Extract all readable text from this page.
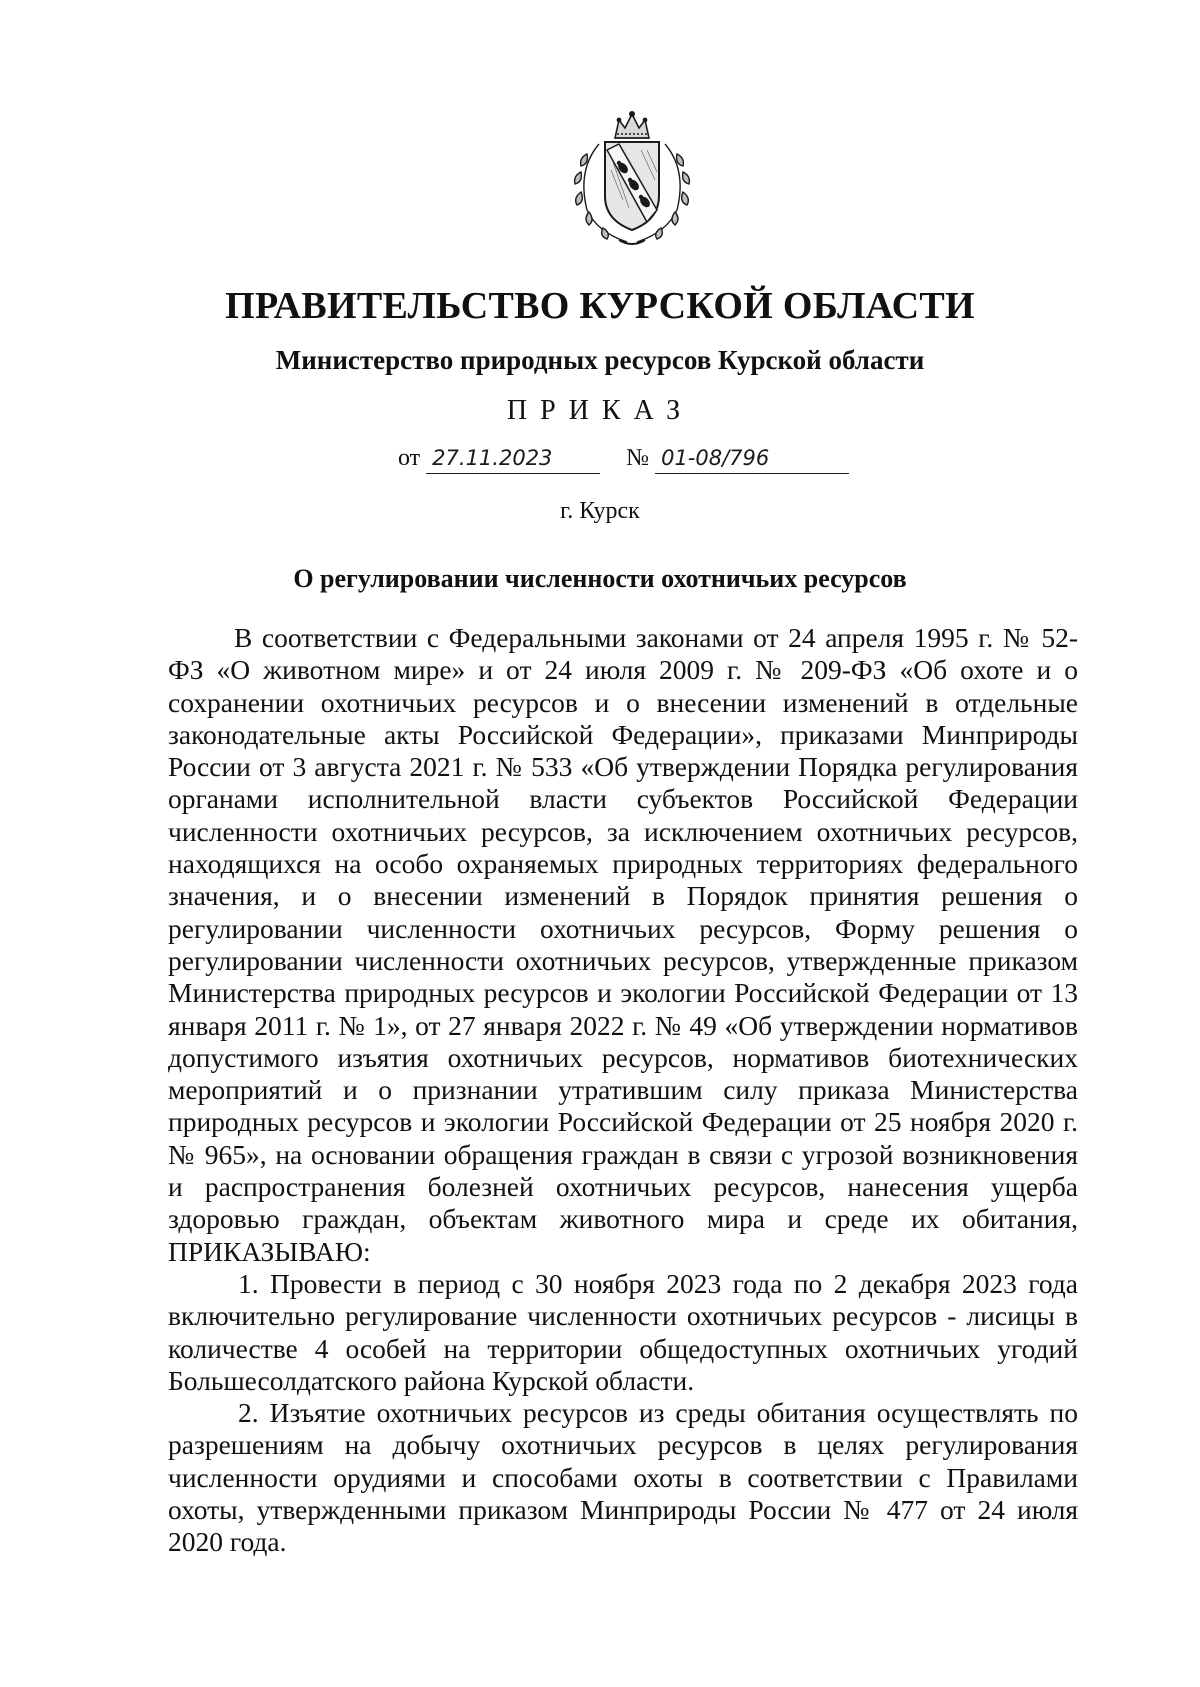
ПРАВИТЕЛЬСТВО КУРСКОЙ ОБЛАСТИ
Министерство природных ресурсов Курской области
ПРИКАЗ
от 27.11.2023	№ 01-08/796
г. Курск
О регулировании численности охотничьих ресурсов

В соответствии с Федеральными законами от 24 апреля 1995 г. № 52-ФЗ «О животном мире» и от 24 июля 2009 г. № 209-ФЗ «Об охоте и о сохранении охотничьих ресурсов и о внесении изменений в отдельные законодательные акты Российской Федерации», приказами Минприроды России от 3 августа 2021 г. № 533 «Об утверждении Порядка регулирования органами исполнительной власти субъектов Российской Федерации численности охотничьих ресурсов, за исключением охотничьих ресурсов, находящихся на особо охраняемых природных территориях федерального значения, и о внесении изменений в Порядок принятия решения о регулировании численности охотничьих ресурсов, Форму решения о регулировании численности охотничьих ресурсов, утвержденные приказом Министерства природных ресурсов и экологии Российской Федерации от 13 января 2011 г. № 1», от 27 января 2022 г. № 49 «Об утверждении нормативов допустимого изъятия охотничьих ресурсов, нормативов биотехнических мероприятий и о признании утратившим силу приказа Министерства природных ресурсов и экологии Российской Федерации от 25 ноября 2020 г. № 965», на основании обращения граждан в связи с угрозой возникновения и распространения болезней охотничьих ресурсов, нанесения ущерба здоровью граждан, объектам животного мира и среде их обитания, ПРИКАЗЫВАЮ:

1. Провести в период с 30 ноября 2023 года по 2 декабря 2023 года включительно регулирование численности охотничьих ресурсов - лисицы в количестве 4 особей на территории общедоступных охотничьих угодий Большесолдатского района Курской области.

2. Изъятие охотничьих ресурсов из среды обитания осуществлять по разрешениям на добычу охотничьих ресурсов в целях регулирования численности орудиями и способами охоты в соответствии с Правилами охоты, утвержденными приказом Минприроды России № 477 от 24 июля 2020 года.
